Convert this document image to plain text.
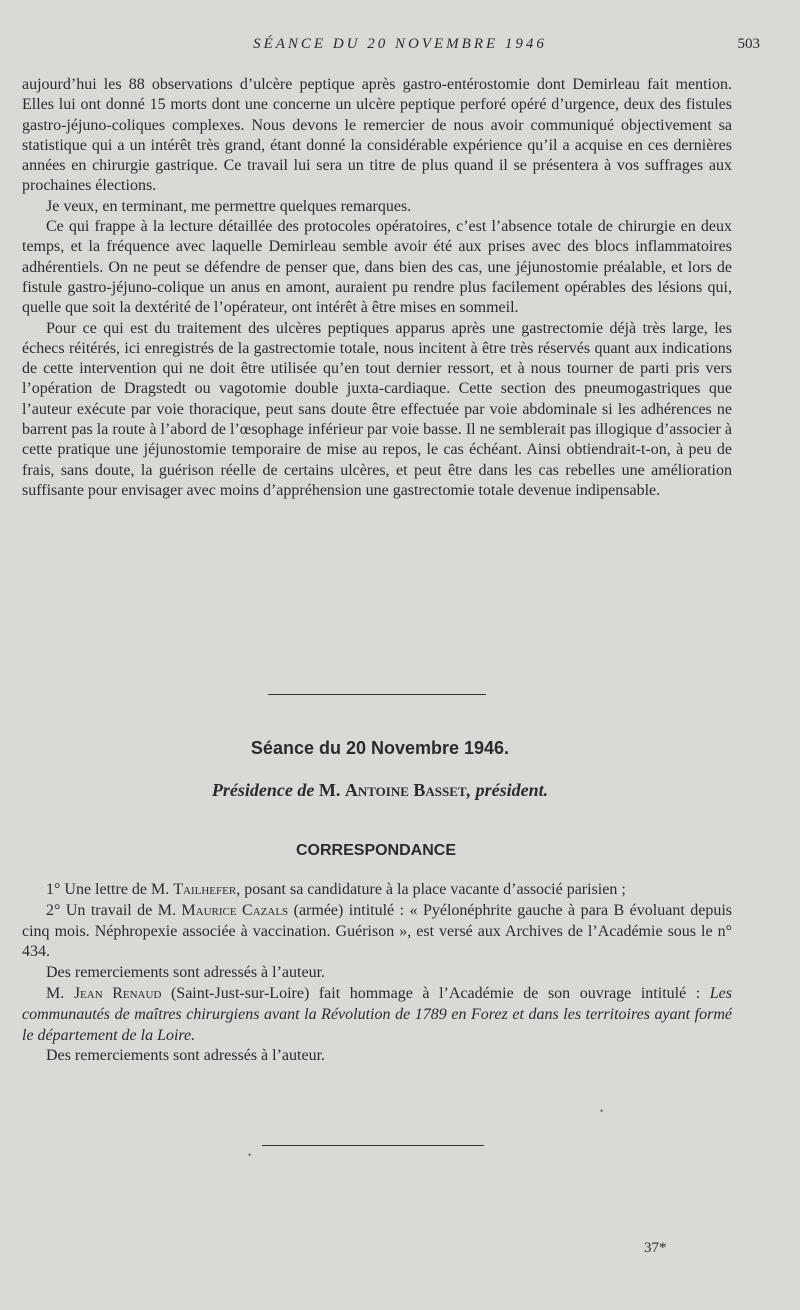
SÉANCE DU 20 NOVEMBRE 1946	503

aujourd’hui les 88 observations d’ulcère peptique après gastro-entérostomie dont Demirleau fait mention. Elles lui ont donné 15 morts dont une concerne un ulcère peptique perforé opéré d’urgence, deux des fistules gastro-jéjuno-coliques complexes. Nous devons le remercier de nous avoir communiqué objectivement sa statistique qui a un intérêt très grand, étant donné la considérable expérience qu’il a acquise en ces dernières années en chirurgie gastrique. Ce travail lui sera un titre de plus quand il se présentera à vos suffrages aux prochaines élections.

Je veux, en terminant, me permettre quelques remarques.

Ce qui frappe à la lecture détaillée des protocoles opératoires, c’est l’absence totale de chirurgie en deux temps, et la fréquence avec laquelle Demirleau semble avoir été aux prises avec des blocs inflammatoires adhérentiels. On ne peut se défendre de penser que, dans bien des cas, une jéjunostomie préalable, et lors de fistule gastro-jéjuno-colique un anus en amont, auraient pu rendre plus facilement opérables des lésions qui, quelle que soit la dextérité de l’opérateur, ont intérêt à être mises en sommeil.

Pour ce qui est du traitement des ulcères peptiques apparus après une gastrectomie déjà très large, les échecs réitérés, ici enregistrés de la gastrectomie totale, nous incitent à être très réservés quant aux indications de cette intervention qui ne doit être utilisée qu’en tout dernier ressort, et à nous tourner de parti pris vers l’opération de Dragstedt ou vagotomie double juxta-cardiaque. Cette section des pneumogastriques que l’auteur exécute par voie thoracique, peut sans doute être effectuée par voie abdominale si les adhérences ne barrent pas la route à l’abord de l’œsophage inférieur par voie basse. Il ne semblerait pas illogique d’associer à cette pratique une jéjunostomie temporaire de mise au repos, le cas échéant. Ainsi obtiendrait-t-on, à peu de frais, sans doute, la guérison réelle de certains ulcères, et peut être dans les cas rebelles une amélioration suffisante pour envisager avec moins d’appréhension une gastrectomie totale devenue indipensable.

Séance du 20 Novembre 1946.
Présidence de M. Antoine Basset, président.
CORRESPONDANCE

1° Une lettre de M. Tailhefer, posant sa candidature à la place vacante d’associé parisien ;

2° Un travail de M. Maurice Cazals (armée) intitulé : « Pyélonéphrite gauche à para B évoluant depuis cinq mois. Néphropexie associée à vaccination. Guérison », est versé aux Archives de l’Académie sous le n° 434.

Des remerciements sont adressés à l’auteur.

M. Jean Renaud (Saint-Just-sur-Loire) fait hommage à l’Académie de son ouvrage intitulé : Les communautés de maîtres chirurgiens avant la Révolution de 1789 en Forez et dans les territoires ayant formé le département de la Loire.

Des remerciements sont adressés à l’auteur.

•
•
37*
